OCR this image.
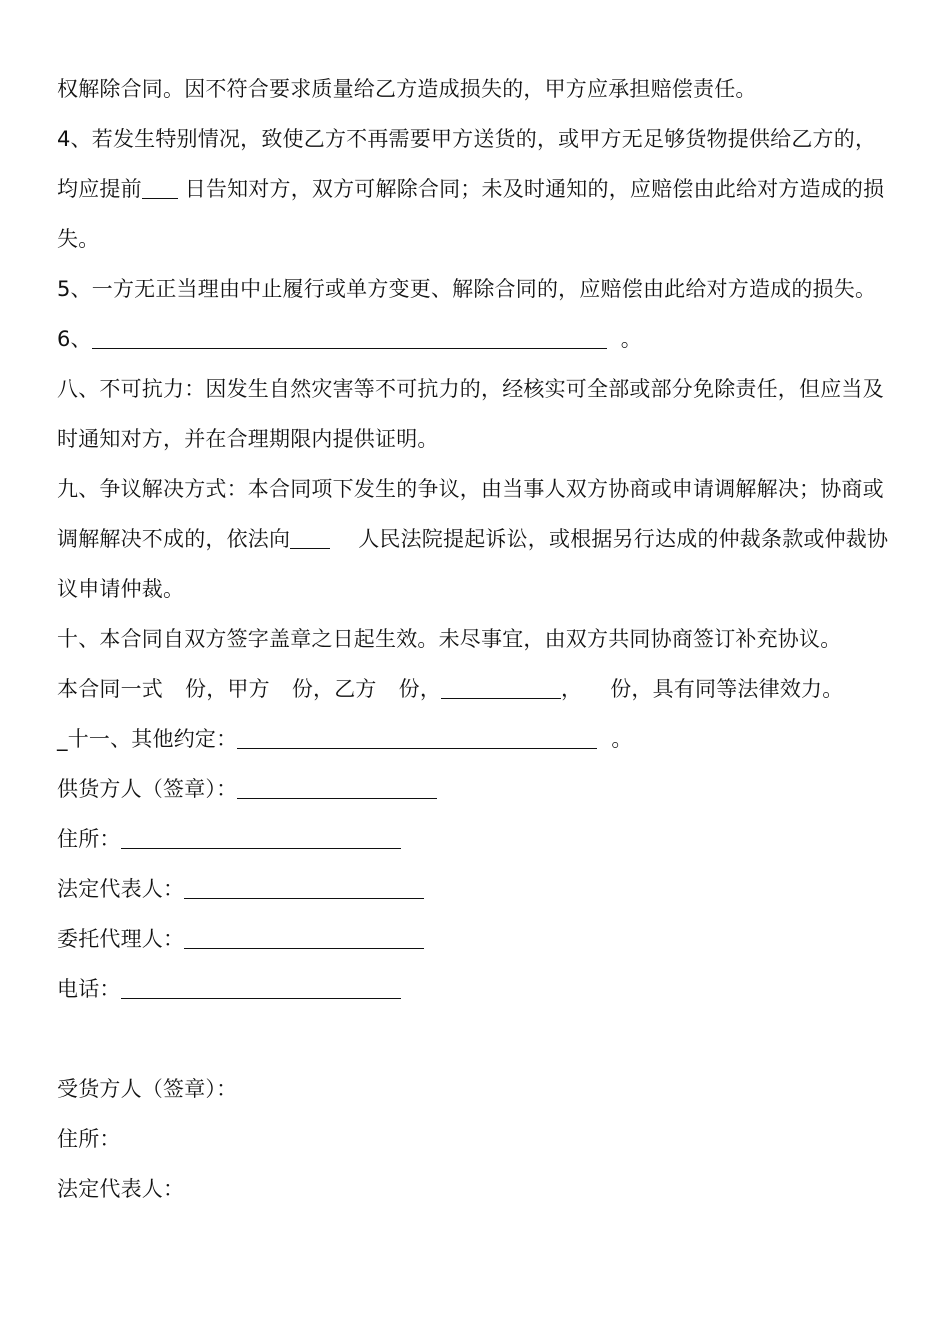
权解除合同。因不符合要求质量给乙方造成损失的，甲方应承担赔偿责任。

4、若发生特别情况，致使乙方不再需要甲方送货的，或甲方无足够货物提供给乙方的，均应提前 日告知对方，双方可解除合同；未及时通知的，应赔偿由此给对方造成的损失。

5、一方无正当理由中止履行或单方变更、解除合同的，应赔偿由此给对方造成的损失。

6、	。

八、不可抗力：因发生自然灾害等不可抗力的，经核实可全部或部分免除责任，但应当及时通知对方，并在合理期限内提供证明。

九、争议解决方式：本合同项下发生的争议，由当事人双方协商或申请调解解决；协商或调解解决不成的，依法向	人民法院提起诉讼，或根据另行达成的仲裁条款或仲裁协议申请仲裁。

十、本合同自双方签字盖章之日起生效。未尽事宜，由双方共同协商签订补充协议。

本合同一式 份，甲方 份，乙方 份，	， 份，具有同等法律效力。

_十一、其他约定：	。

供货方人（签章）：

住所：

法定代表人：

委托代理人：

电话：

受货方人（签章）：

住所：

法定代表人：
